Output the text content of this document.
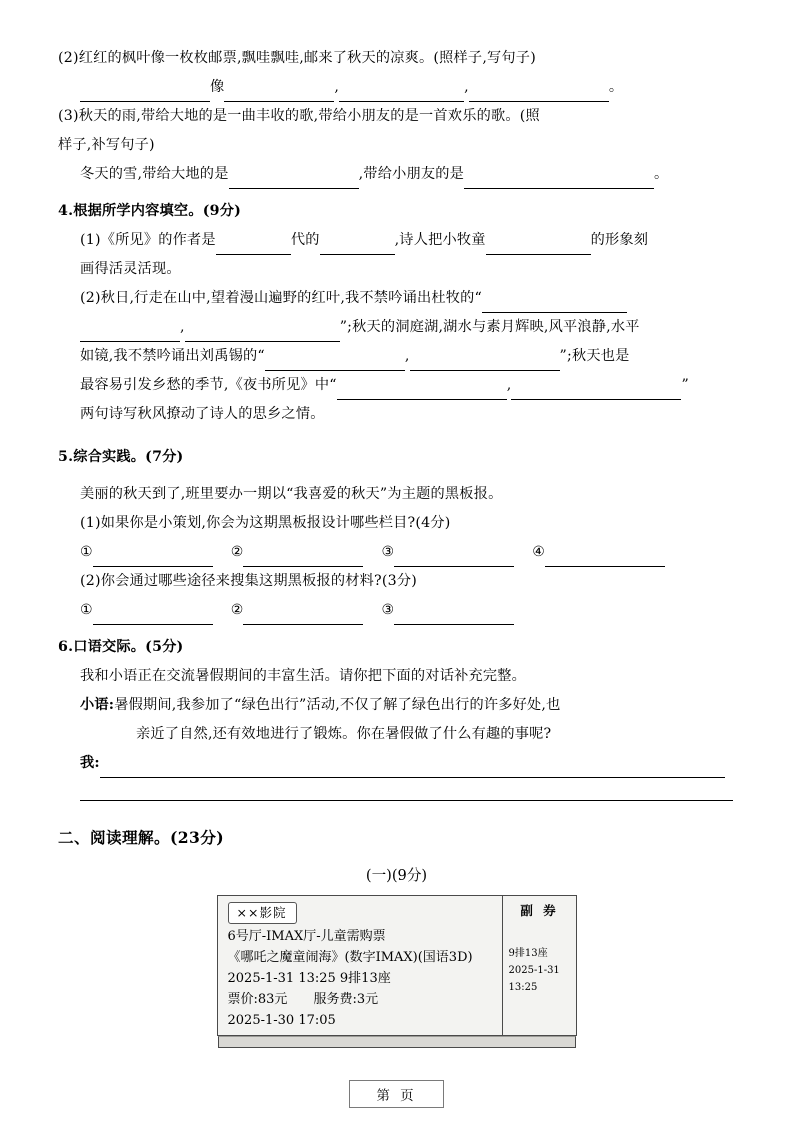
(2)红红的枫叶像一枚枚邮票,飘哇飘哇,邮来了秋天的凉爽。(照样子,写句子)
像	,	,	。
(3)秋天的雨,带给大地的是一曲丰收的歌,带给小朋友的是一首欢乐的歌。(照
样子,补写句子)
冬天的雪,带给大地的是	,带给小朋友的是	。
4.根据所学内容填空。(9分)
(1)《所见》的作者是	代的	,诗人把小牧童	的形象刻
画得活灵活现。
(2)秋日,行走在山中,望着漫山遍野的红叶,我不禁吟诵出杜牧的“
,	”;秋天的洞庭湖,湖水与素月辉映,风平浪静,水平
如镜,我不禁吟诵出刘禹锡的“	,	”;秋天也是
最容易引发乡愁的季节,《夜书所见》中“	,	”
两句诗写秋风撩动了诗人的思乡之情。
5.综合实践。(7分)
美丽的秋天到了,班里要办一期以“我喜爱的秋天”为主题的黑板报。
(1)如果你是小策划,你会为这期黑板报设计哪些栏目?(4分)
①	②	③	④
(2)你会通过哪些途径来搜集这期黑板报的材料?(3分)
①	②	③
6.口语交际。(5分)
我和小语正在交流暑假期间的丰富生活。请你把下面的对话补充完整。
小语:暑假期间,我参加了“绿色出行”活动,不仅了解了绿色出行的许多好处,也
亲近了自然,还有效地进行了锻炼。你在暑假做了什么有趣的事呢?
我:
二、阅读理解。(23分)
(一)(9分)
××影院
6号厅-IMAX厅-儿童需购票
《哪吒之魔童闹海》(数字IMAX)(国语3D)
2025-1-31 13:25 9排13座
票价:83元 服务费:3元
2025-1-30 17:05
副 券
9排13座
2025-1-31
13:25
第 页
